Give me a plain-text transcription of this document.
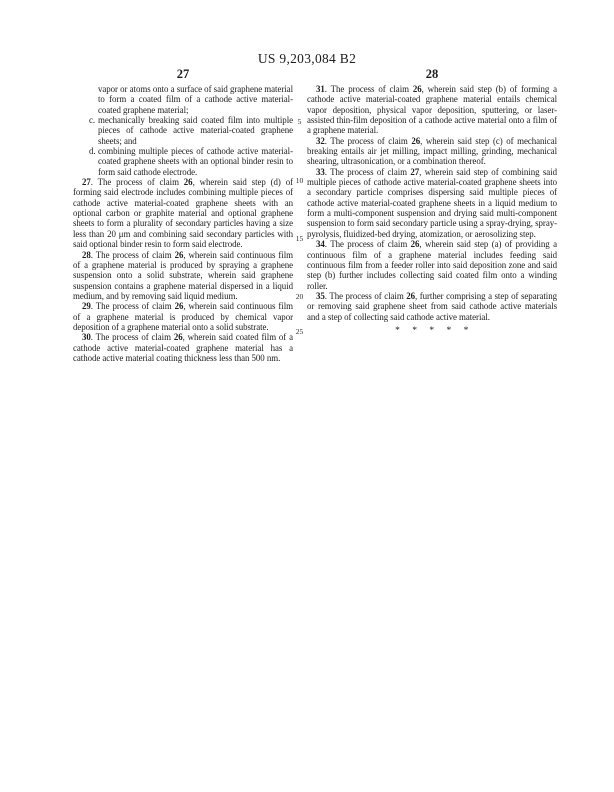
US 9,203,084 B2
27	28
5
10
15
20
25
vapor or atoms onto a surface of said graphene material to form a coated film of a cathode active material-coated graphene material;
c. mechanically breaking said coated film into multiple pieces of cathode active material-coated graphene sheets; and
d. combining multiple pieces of cathode active material-coated graphene sheets with an optional binder resin to form said cathode electrode.

27. The process of claim 26, wherein said step (d) of forming said electrode includes combining multiple pieces of cathode active material-coated graphene sheets with an optional carbon or graphite material and optional graphene sheets to form a plurality of secondary particles having a size less than 20 μm and combining said secondary particles with said optional binder resin to form said electrode.

28. The process of claim 26, wherein said continuous film of a graphene material is produced by spraying a graphene suspension onto a solid substrate, wherein said graphene suspension contains a graphene material dispersed in a liquid medium, and by removing said liquid medium.

29. The process of claim 26, wherein said continuous film of a graphene material is produced by chemical vapor deposition of a graphene material onto a solid substrate.

30. The process of claim 26, wherein said coated film of a cathode active material-coated graphene material has a cathode active material coating thickness less than 500 nm.

31. The process of claim 26, wherein said step (b) of forming a cathode active material-coated graphene material entails chemical vapor deposition, physical vapor deposition, sputtering, or laser-assisted thin-film deposition of a cathode active material onto a film of a graphene material.

32. The process of claim 26, wherein said step (c) of mechanical breaking entails air jet milling, impact milling, grinding, mechanical shearing, ultrasonication, or a combination thereof.

33. The process of claim 27, wherein said step of combining said multiple pieces of cathode active material-coated graphene sheets into a secondary particle comprises dispersing said multiple pieces of cathode active material-coated graphene sheets in a liquid medium to form a multi-component suspension and drying said multi-component suspension to form said secondary particle using a spray-drying, spray-pyrolysis, fluidized-bed drying, atomization, or aerosolizing step.

34. The process of claim 26, wherein said step (a) of providing a continuous film of a graphene material includes feeding said continuous film from a feeder roller into said deposition zone and said step (b) further includes collecting said coated film onto a winding roller.

35. The process of claim 26, further comprising a step of separating or removing said graphene sheet from said cathode active materials and a step of collecting said cathode active material.

* * * * *
